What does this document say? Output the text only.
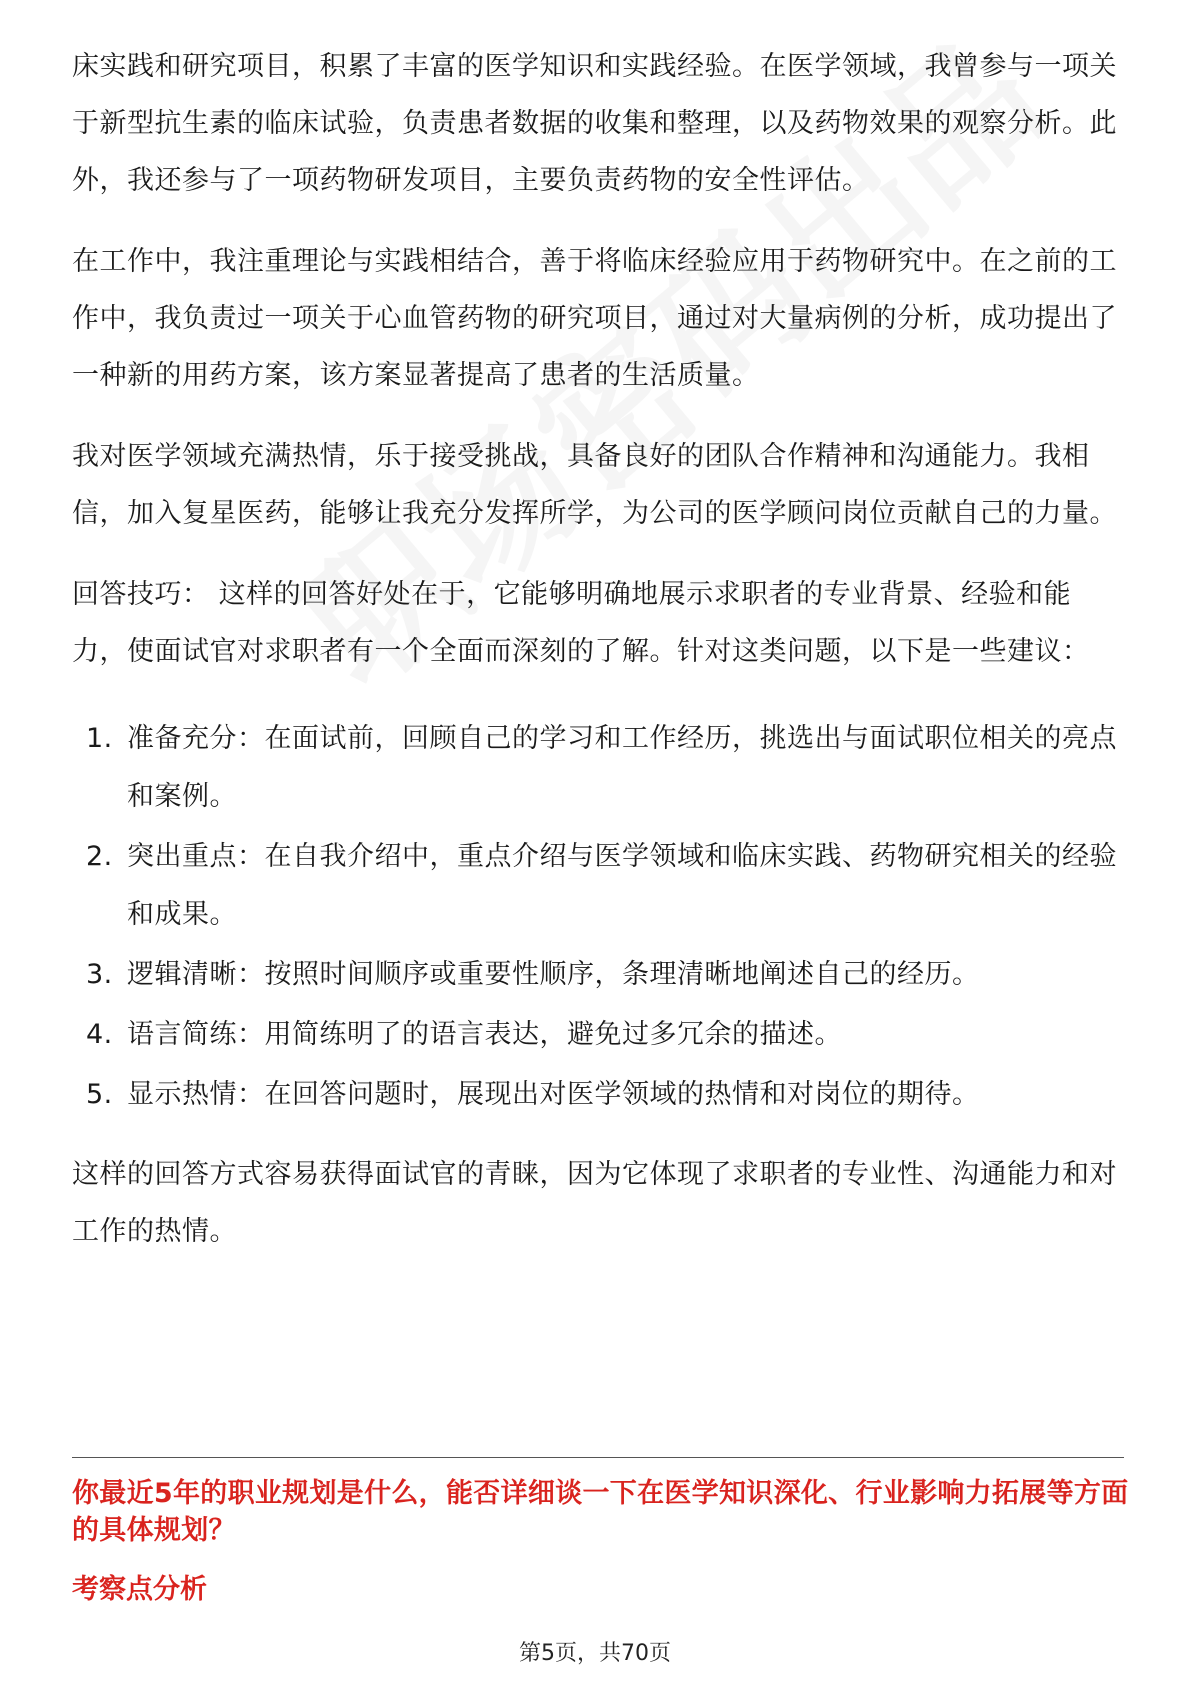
床实践和研究项目，积累了丰富的医学知识和实践经验。在医学领域，我曾参与一项关于新型抗生素的临床试验，负责患者数据的收集和整理，以及药物效果的观察分析。此外，我还参与了一项药物研发项目，主要负责药物的安全性评估。

在工作中，我注重理论与实践相结合，善于将临床经验应用于药物研究中。在之前的工作中，我负责过一项关于心血管药物的研究项目，通过对大量病例的分析，成功提出了一种新的用药方案，该方案显著提高了患者的生活质量。

我对医学领域充满热情，乐于接受挑战，具备良好的团队合作精神和沟通能力。我相信，加入复星医药，能够让我充分发挥所学，为公司的医学顾问岗位贡献自己的力量。

回答技巧： 这样的回答好处在于，它能够明确地展示求职者的专业背景、经验和能力，使面试官对求职者有一个全面而深刻的了解。针对这类问题，以下是一些建议：

1. 准备充分：在面试前，回顾自己的学习和工作经历，挑选出与面试职位相关的亮点和案例。
2. 突出重点：在自我介绍中，重点介绍与医学领域和临床实践、药物研究相关的经验和成果。
3. 逻辑清晰：按照时间顺序或重要性顺序，条理清晰地阐述自己的经历。
4. 语言简练：用简练明了的语言表达，避免过多冗余的描述。
5. 显示热情：在回答问题时，展现出对医学领域的热情和对岗位的期待。

这样的回答方式容易获得面试官的青睐，因为它体现了求职者的专业性、沟通能力和对工作的热情。

你最近5年的职业规划是什么，能否详细谈一下在医学知识深化、行业影响力拓展等方面的具体规划？

考察点分析

第5页，共70页
